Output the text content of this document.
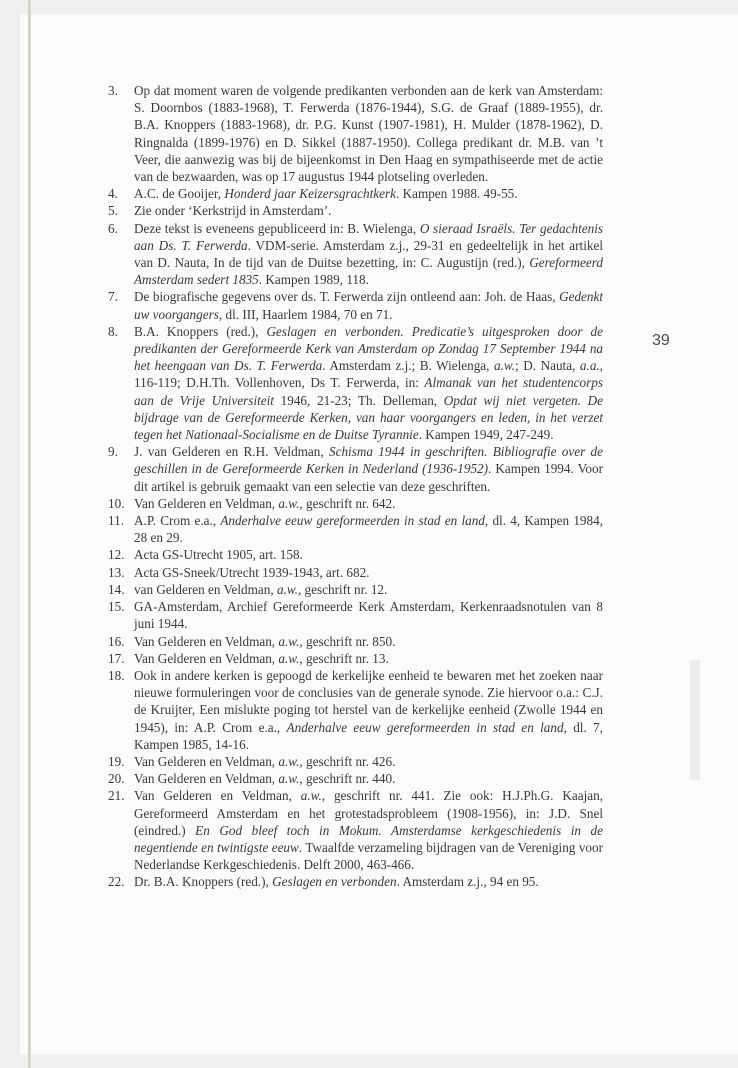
3.	Op dat moment waren de volgende predikanten verbonden aan de kerk van Amsterdam: S. Doornbos (1883-1968), T. Ferwerda (1876-1944), S.G. de Graaf (1889-1955), dr. B.A. Knoppers (1883-1968), dr. P.G. Kunst (1907-1981), H. Mulder (1878-1962), D. Ringnalda (1899-1976) en D. Sikkel (1887-1950). Collega predikant dr. M.B. van ’t Veer, die aanwezig was bij de bijeenkomst in Den Haag en sympathiseerde met de actie van de bezwaarden, was op 17 augustus 1944 plotseling overleden.
4.	A.C. de Gooijer, Honderd jaar Keizersgrachtkerk. Kampen 1988. 49-55.
5.	Zie onder ‘Kerkstrijd in Amsterdam’.
6.	Deze tekst is eveneens gepubliceerd in: B. Wielenga, O sieraad Israëls. Ter gedachtenis aan Ds. T. Ferwerda. VDM-serie. Amsterdam z.j., 29-31 en gedeeltelijk in het artikel van D. Nauta, In de tijd van de Duitse bezetting, in: C. Augustijn (red.), Gereformeerd Amsterdam sedert 1835. Kampen 1989, 118.
7.	De biografische gegevens over ds. T. Ferwerda zijn ontleend aan: Joh. de Haas, Gedenkt uw voorgangers, dl. III, Haarlem 1984, 70 en 71.
8.	B.A. Knoppers (red.), Geslagen en verbonden. Predicatie’s uitgesproken door de predikanten der Gereformeerde Kerk van Amsterdam op Zondag 17 September 1944 na het heengaan van Ds. T. Ferwerda. Amsterdam z.j.; B. Wielenga, a.w.; D. Nauta, a.a., 116-119; D.H.Th. Vollenhoven, Ds T. Ferwerda, in: Almanak van het studentencorps aan de Vrije Universiteit 1946, 21-23; Th. Delleman, Opdat wij niet vergeten. De bijdrage van de Gereformeerde Kerken, van haar voorgangers en leden, in het verzet tegen het Nationaal-Socialisme en de Duitse Tyrannie. Kampen 1949, 247-249.
9.	J. van Gelderen en R.H. Veldman, Schisma 1944 in geschriften. Bibliografie over de geschillen in de Gereformeerde Kerken in Nederland (1936-1952). Kampen 1994. Voor dit artikel is gebruik gemaakt van een selectie van deze geschriften.
10. Van Gelderen en Veldman, a.w., geschrift nr. 642.
11. A.P. Crom e.a., Anderhalve eeuw gereformeerden in stad en land, dl. 4, Kampen 1984, 28 en 29.
12. Acta GS-Utrecht 1905, art. 158.
13. Acta GS-Sneek/Utrecht 1939-1943, art. 682.
14. van Gelderen en Veldman, a.w., geschrift nr. 12.
15. GA-Amsterdam, Archief Gereformeerde Kerk Amsterdam, Kerkenraadsnotulen van 8 juni 1944.
16. Van Gelderen en Veldman, a.w., geschrift nr. 850.
17. Van Gelderen en Veldman, a.w., geschrift nr. 13.
18. Ook in andere kerken is gepoogd de kerkelijke eenheid te bewaren met het zoeken naar nieuwe formuleringen voor de conclusies van de generale synode. Zie hiervoor o.a.: C.J. de Kruijter, Een mislukte poging tot herstel van de kerkelijke eenheid (Zwolle 1944 en 1945), in: A.P. Crom e.a., Anderhalve eeuw gereformeerden in stad en land, dl. 7, Kampen 1985, 14-16.
19. Van Gelderen en Veldman, a.w., geschrift nr. 426.
20. Van Gelderen en Veldman, a.w., geschrift nr. 440.
21. Van Gelderen en Veldman, a.w., geschrift nr. 441. Zie ook: H.J.Ph.G. Kaajan, Gereformeerd Amsterdam en het grotestadsprobleem (1908-1956), in: J.D. Snel (eindred.) En God bleef toch in Mokum. Amsterdamse kerkgeschiedenis in de negentiende en twintigste eeuw. Twaalfde verzameling bijdragen van de Vereniging voor Nederlandse Kerkgeschiedenis. Delft 2000, 463-466.
22. Dr. B.A. Knoppers (red.), Geslagen en verbonden. Amsterdam z.j., 94 en 95.
39
